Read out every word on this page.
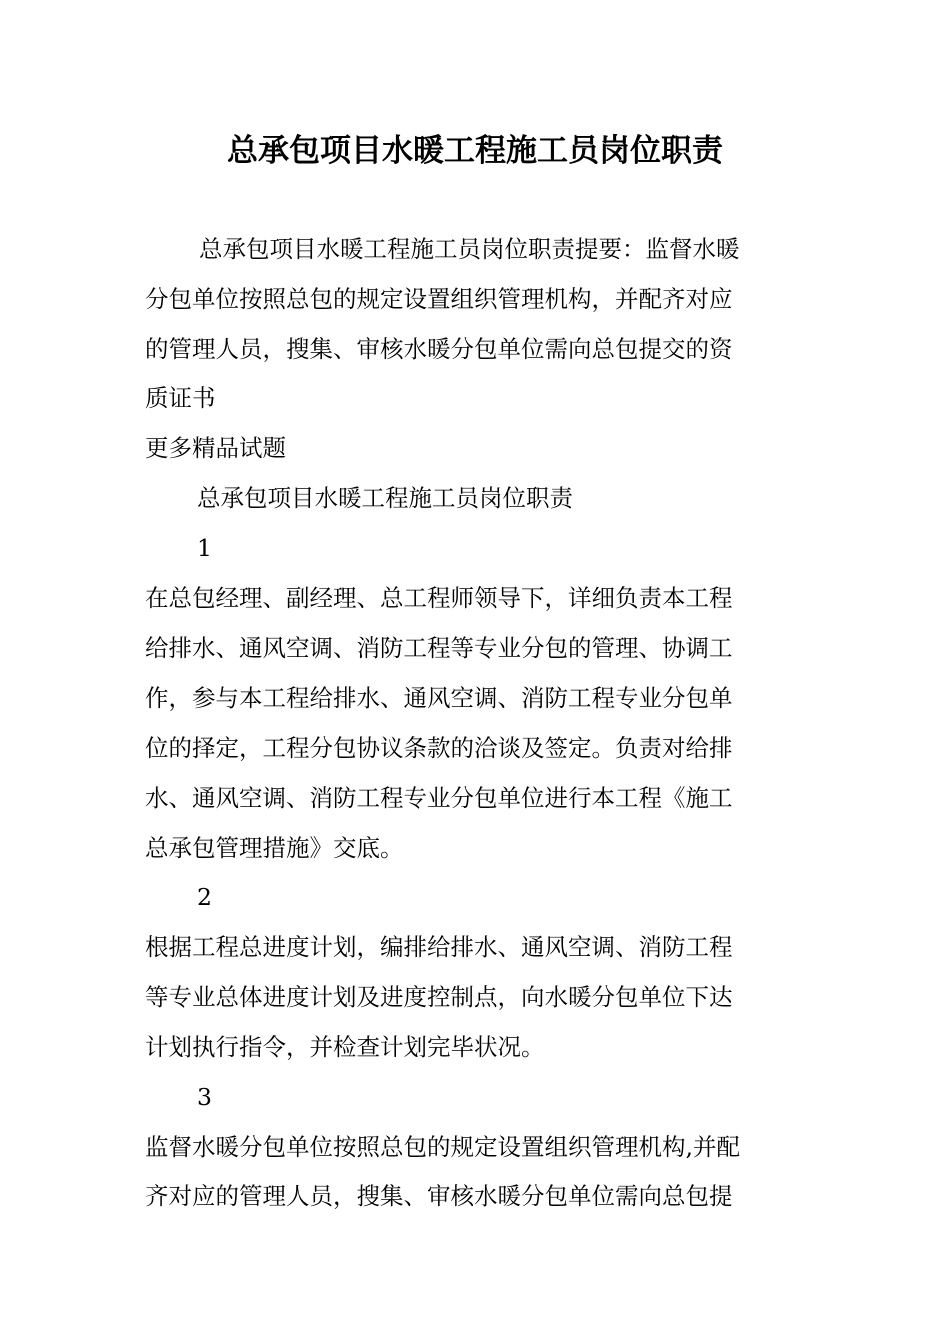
总承包项目水暖工程施工员岗位职责
总承包项目水暖工程施工员岗位职责提要：监督水暖
分包单位按照总包的规定设置组织管理机构，并配齐对应
的管理人员，搜集、审核水暖分包单位需向总包提交的资
质证书
更多精品试题
总承包项目水暖工程施工员岗位职责
1
在总包经理、副经理、总工程师领导下，详细负责本工程
给排水、通风空调、消防工程等专业分包的管理、协调工
作，参与本工程给排水、通风空调、消防工程专业分包单
位的择定，工程分包协议条款的洽谈及签定。负责对给排
水、通风空调、消防工程专业分包单位进行本工程《施工
总承包管理措施》交底。
2
根据工程总进度计划，编排给排水、通风空调、消防工程
等专业总体进度计划及进度控制点，向水暖分包单位下达
计划执行指令，并检查计划完毕状况。
3
监督水暖分包单位按照总包的规定设置组织管理机构,并配
齐对应的管理人员，搜集、审核水暖分包单位需向总包提
